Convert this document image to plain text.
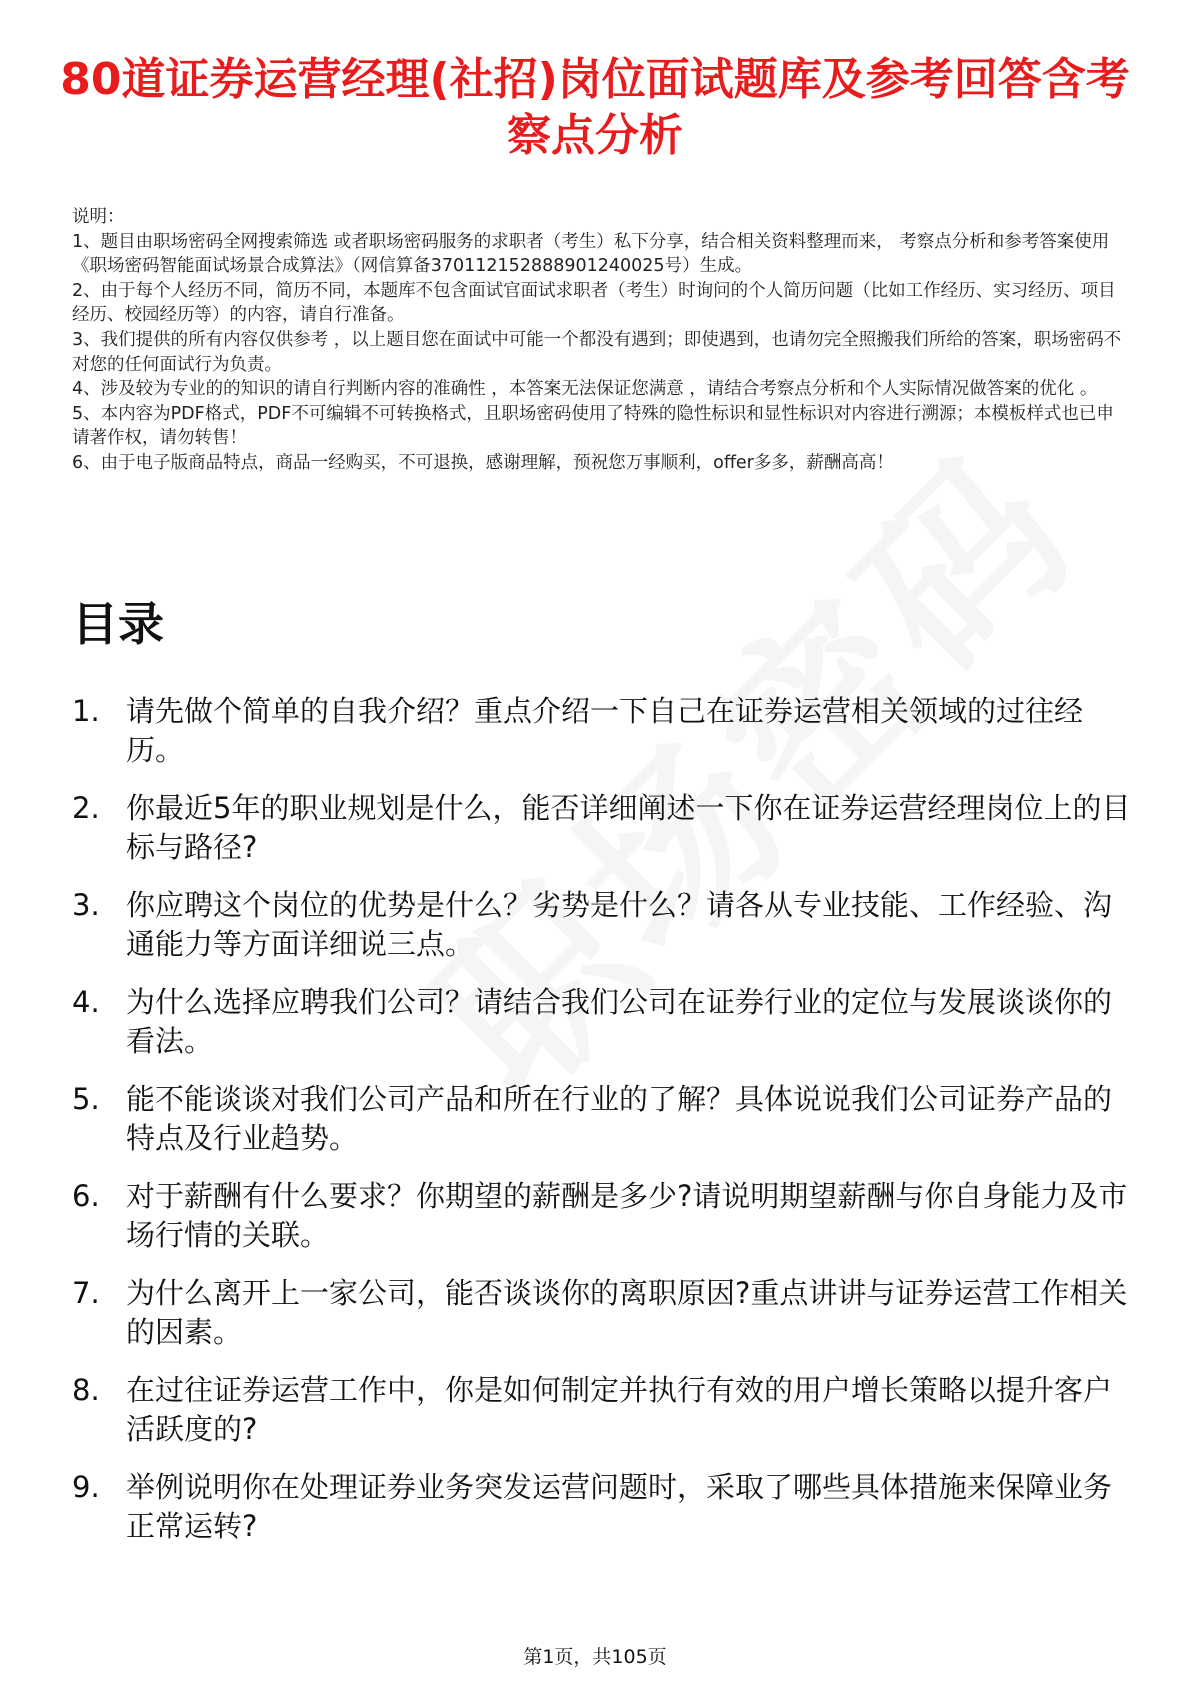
80道证券运营经理(社招)岗位面试题库及参考回答含考察点分析

说明：

1、题目由职场密码全网搜索筛选 或者职场密码服务的求职者（考生）私下分享，结合相关资料整理而来， 考察点分析和参考答案使用《职场密码智能面试场景合成算法》（网信算备370112152888901240025号）生成。

2、由于每个人经历不同，简历不同，本题库不包含面试官面试求职者（考生）时询问的个人简历问题（比如工作经历、实习经历、项目经历、校园经历等）的内容，请自行准备。

3、我们提供的所有内容仅供参考 ，以上题目您在面试中可能一个都没有遇到；即使遇到，也请勿完全照搬我们所给的答案，职场密码不对您的任何面试行为负责。

4、涉及较为专业的的知识的请自行判断内容的准确性 ，本答案无法保证您满意 ，请结合考察点分析和个人实际情况做答案的优化 。

5、本内容为PDF格式，PDF不可编辑不可转换格式，且职场密码使用了特殊的隐性标识和显性标识对内容进行溯源；本模板样式也已申请著作权，请勿转售！

6、由于电子版商品特点，商品一经购买，不可退换，感谢理解，预祝您万事顺利，offer多多，薪酬高高！

目录
1. 请先做个简单的自我介绍？重点介绍一下自己在证券运营相关领域的过往经历。
2. 你最近5年的职业规划是什么，能否详细阐述一下你在证券运营经理岗位上的目标与路径?
3. 你应聘这个岗位的优势是什么？劣势是什么？请各从专业技能、工作经验、沟通能力等方面详细说三点。
4. 为什么选择应聘我们公司？请结合我们公司在证券行业的定位与发展谈谈你的看法。
5. 能不能谈谈对我们公司产品和所在行业的了解？具体说说我们公司证券产品的特点及行业趋势。
6. 对于薪酬有什么要求？你期望的薪酬是多少?请说明期望薪酬与你自身能力及市场行情的关联。
7. 为什么离开上一家公司，能否谈谈你的离职原因?重点讲讲与证券运营工作相关的因素。
8. 在过往证券运营工作中，你是如何制定并执行有效的用户增长策略以提升客户活跃度的?
9. 举例说明你在处理证券业务突发运营问题时，采取了哪些具体措施来保障业务正常运转?
第1页，共105页
